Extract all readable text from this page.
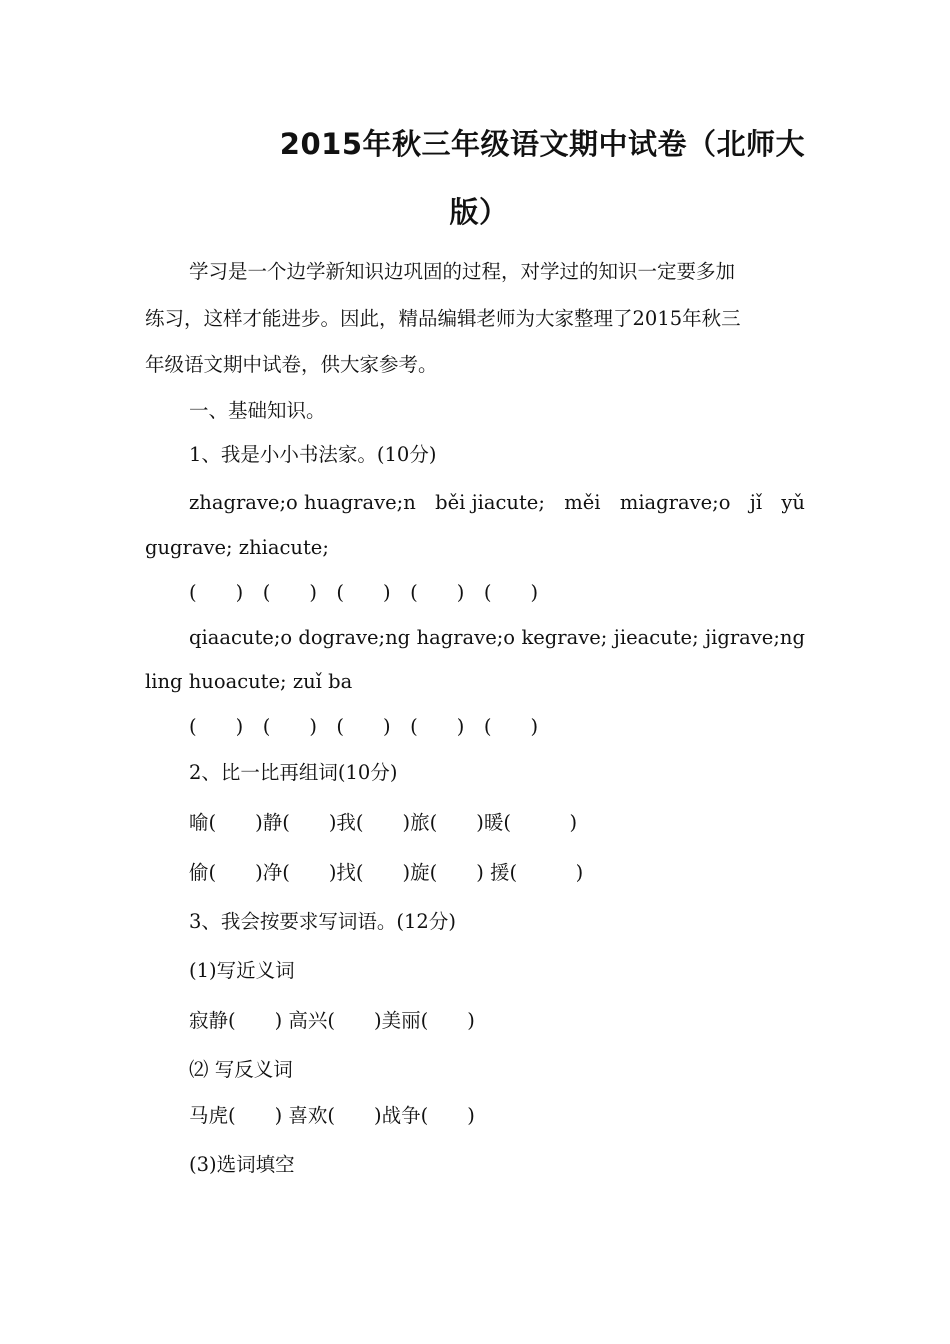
2015年秋三年级语文期中试卷（北师大
版）
学习是一个边学新知识边巩固的过程，对学过的知识一定要多加
练习，这样才能进步。因此，精品编辑老师为大家整理了2015年秋三
年级语文期中试卷，供大家参考。
一、基础知识。
1、我是小小书法家。(10分)
zhagrave;o huagrave;n běi jiacute; měi miagrave;o jǐ yǔ
gugrave; zhiacute;
(　　)　(　　)　(　　)　(　　)　(　　)
qiaacute;o dograve;ng hagrave;o kegrave; jieacute; jigrave;ng
ling huoacute; zuǐ ba
(　　)　(　　)　(　　)　(　　)　(　　)
2、比一比再组词(10分)
喻(　　)静(　　)我(　　)旅(　　)暖(　　　)
偷(　　)净(　　)找(　　)旋(　　) 援(　　　)
3、我会按要求写词语。(12分)
(1)写近义词
寂静(　　) 高兴(　　)美丽(　　)
⑵ 写反义词
马虎(　　) 喜欢(　　)战争(　　)
(3)选词填空
